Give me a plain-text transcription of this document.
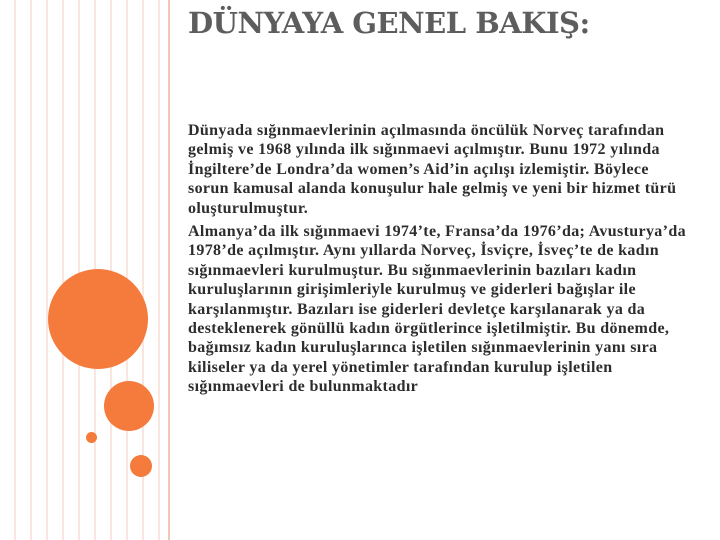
DÜNYAYA GENEL BAKIŞ:

Dünyada sığınmaevlerinin açılmasında öncülük Norveç tarafından gelmiş ve 1968 yılında ilk sığınmaevi açılmıştır. Bunu 1972 yılında İngiltere’de Londra’da women’s Aid’in açılışı izlemiştir. Böylece sorun kamusal alanda konuşulur hale gelmiş ve yeni bir hizmet türü oluşturulmuştur.

Almanya’da ilk sığınmaevi 1974’te, Fransa’da 1976’da; Avusturya’da 1978’de açılmıştır. Aynı yıllarda Norveç, İsviçre, İsveç’te de kadın sığınmaevleri kurulmuştur. Bu sığınmaevlerinin bazıları kadın kuruluşlarının girişimleriyle kurulmuş ve giderleri bağışlar ile karşılanmıştır. Bazıları ise giderleri devletçe karşılanarak ya da desteklenerek gönüllü kadın örgütlerince işletilmiştir. Bu dönemde, bağımsız kadın kuruluşlarınca işletilen sığınmaevlerinin yanı sıra kiliseler ya da yerel yönetimler tarafından kurulup işletilen sığınmaevleri de bulunmaktadır
